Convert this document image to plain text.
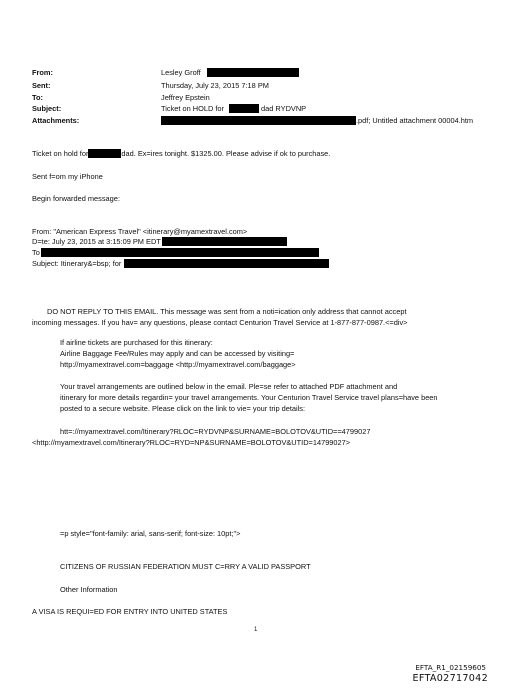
From:	Lesley Groff
Sent:	Thursday, July 23, 2015 7:18 PM
To:	Jeffrey Epstein
Subject:	Ticket on HOLD for	dad RYDVNP
Attachments:	.pdf; Untitled attachment 00004.htm
Ticket on hold for	dad. Ex=ires tonight. $1325.00. Please advise if ok to purchase.
Sent f=om my iPhone
Begin forwarded message:
From: "American Express Travel" <itinerary@myamextravel.com>
D=te: July 23, 2015 at 3:15:09 PM EDT
To
Subject: Itinerary&=bsp; for
DO NOT REPLY TO THIS EMAIL. This message was sent from a noti=ication only address that cannot accept
incoming messages. If you hav= any questions, please contact Centurion Travel Service at 1-877-877-0987.<=div>
If airline tickets are purchased for this itinerary:
Airline Baggage Fee/Rules may apply and can be accessed by visiting=
http://myamextravel.com=baggage <http://myamextravel.com/baggage>
Your travel arrangements are outlined below in the email. Ple=se refer to attached PDF attachment and
itinerary for more details regardin= your travel arrangements. Your Centurion Travel Service travel plans=have been
posted to a secure website. Please click on the link to vie= your trip details:
htt=://myamextravel.com/Itinerary?RLOC=RYDVNP&SURNAME=BOLOTOV&UTID==4799027
<http://myamextravel.com/Itinerary?RLOC=RYD=NP&SURNAME=BOLOTOV&UTID=14799027>
=p style="font-family: arial, sans-serif; font-size: 10pt;">
CITIZENS OF RUSSIAN FEDERATION MUST C=RRY A VALID PASSPORT
Other Information
A VISA IS REQUI=ED FOR ENTRY INTO UNITED STATES
1
EFTA_R1_02159605
EFTA02717042
